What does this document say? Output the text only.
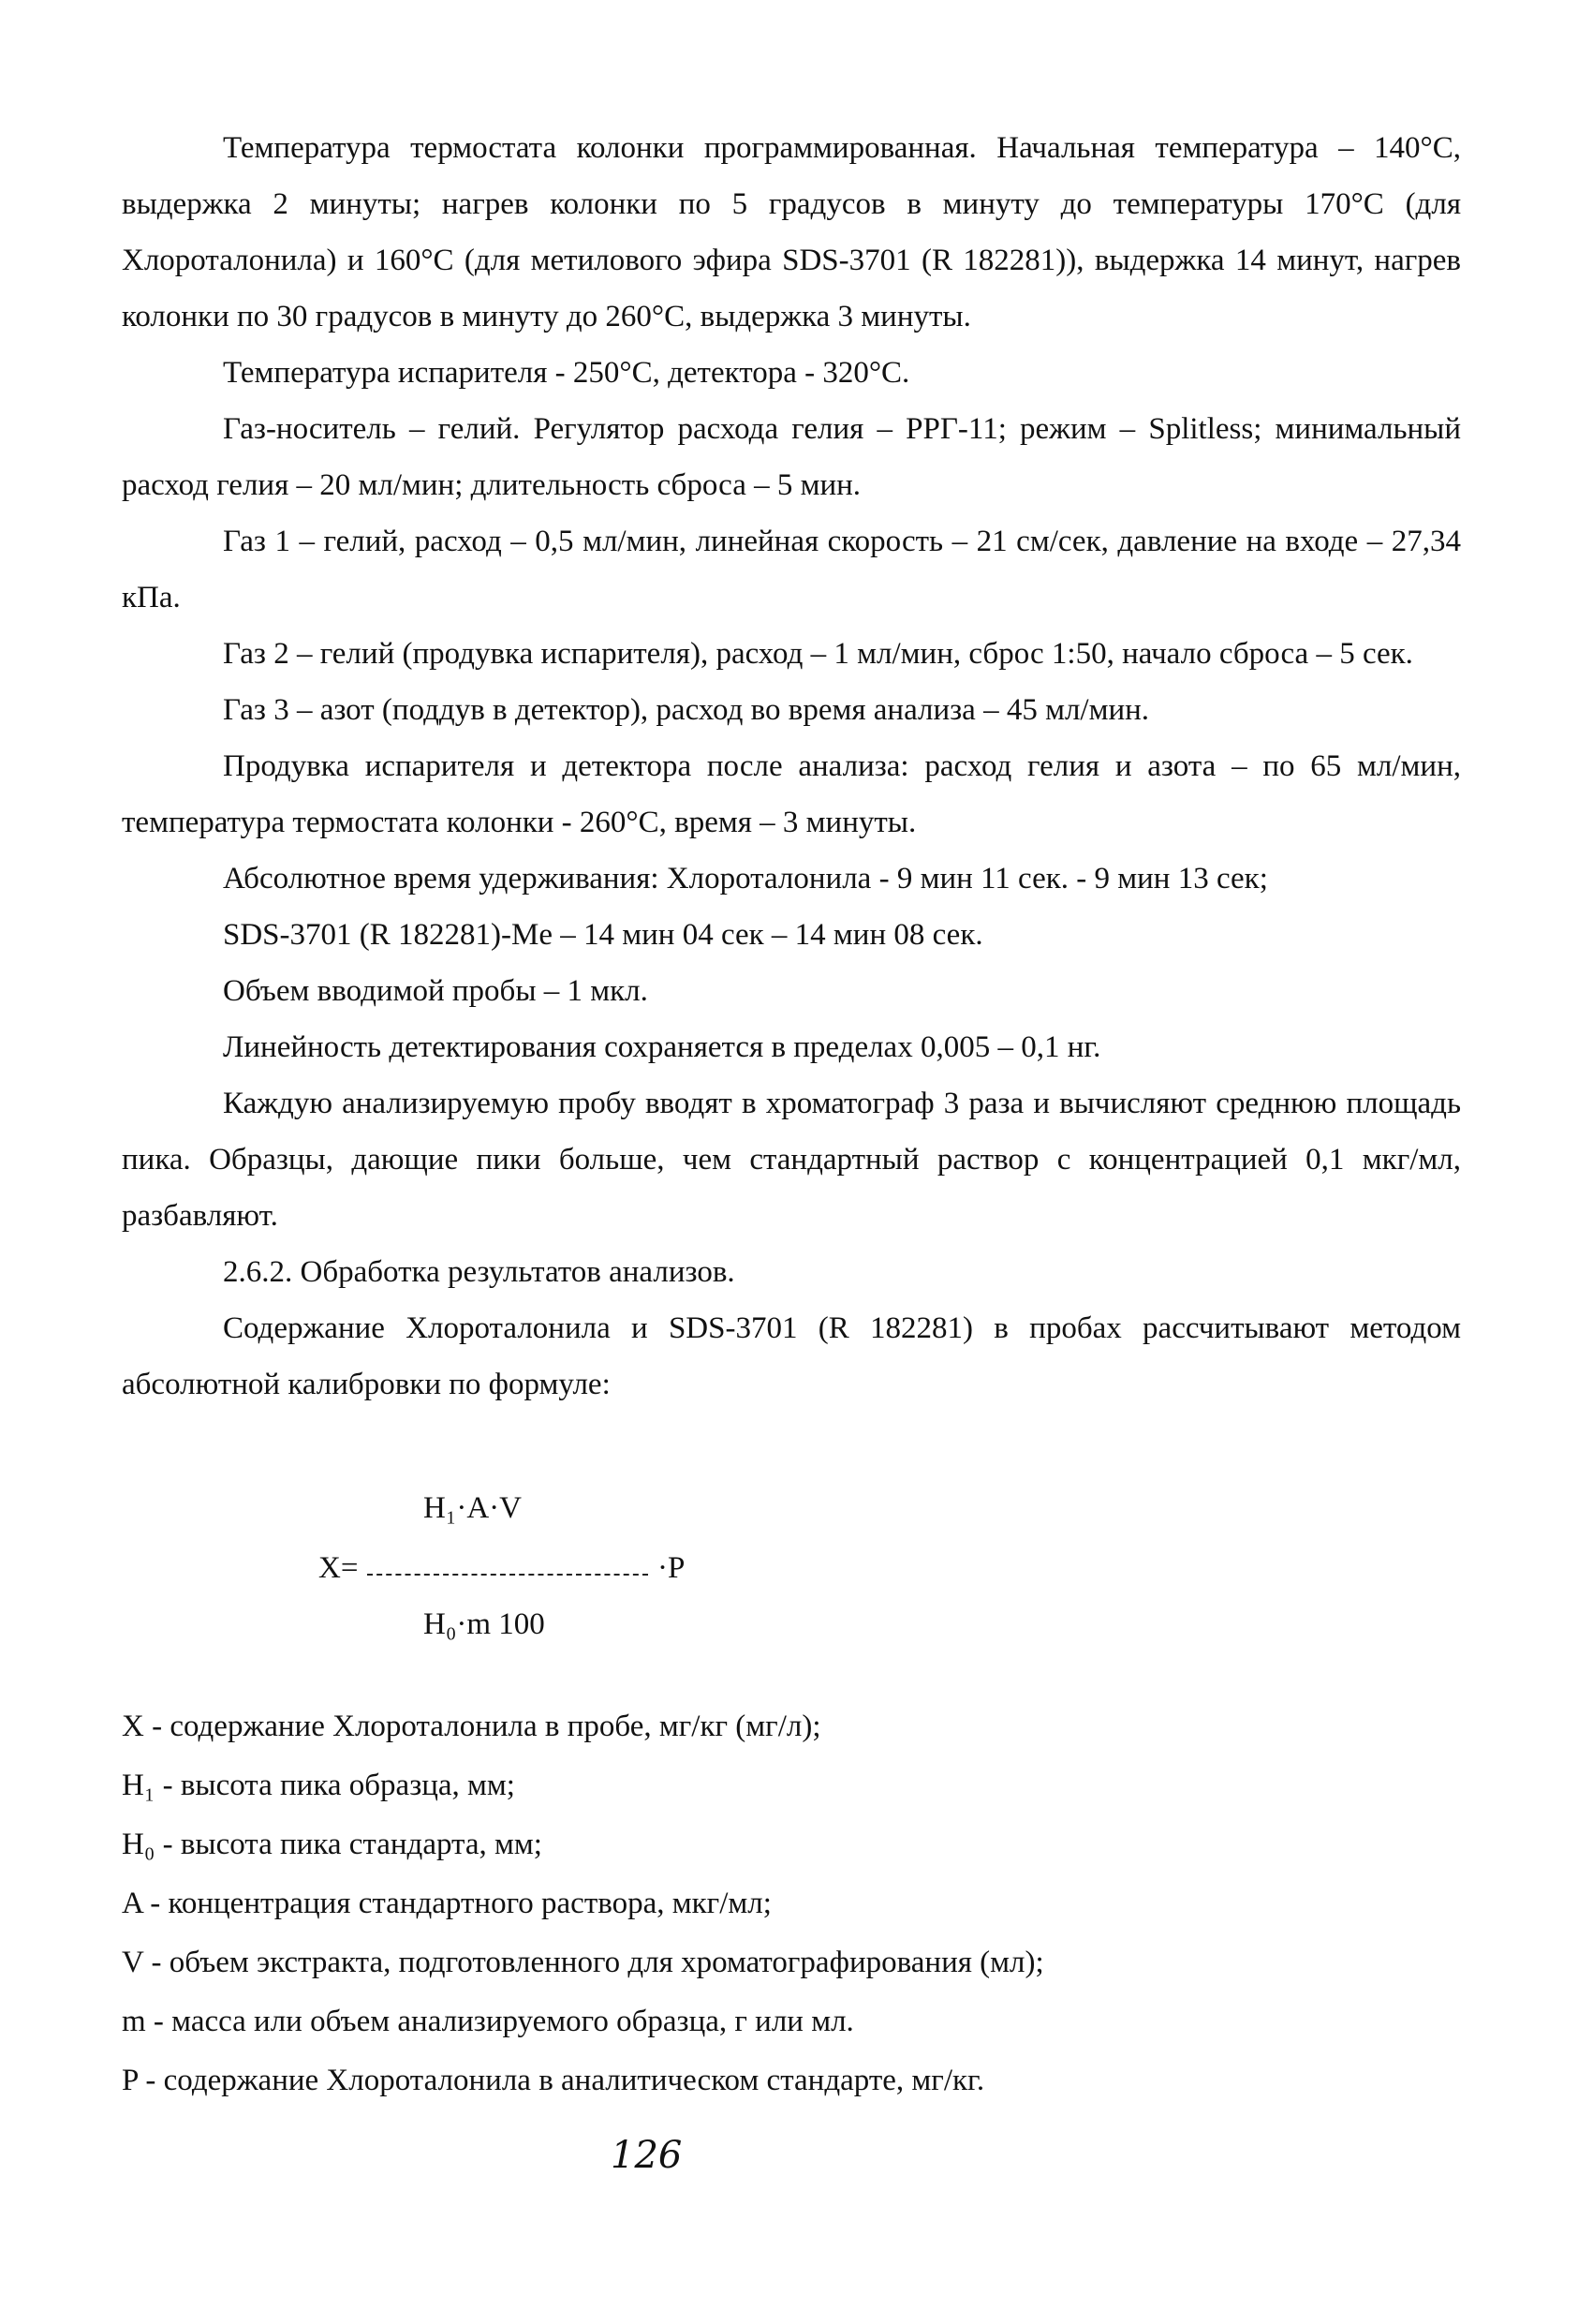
Температура термостата колонки программированная. Начальная температура – 140°С, выдержка 2 минуты; нагрев колонки по 5 градусов в минуту до температуры 170°С (для Хлороталонила) и 160°С (для метилового эфира SDS-3701 (R 182281)), выдержка 14 минут, нагрев колонки по 30 градусов в минуту до 260°С, выдержка 3 минуты.

Температура испарителя - 250°С, детектора - 320°С.

Газ-носитель – гелий. Регулятор расхода гелия – РРГ-11; режим – Splitless; минимальный расход гелия – 20 мл/мин; длительность сброса – 5 мин.

Газ 1 – гелий, расход – 0,5 мл/мин, линейная скорость – 21 см/сек, давление на входе – 27,34 кПа.

Газ 2 – гелий (продувка испарителя), расход – 1 мл/мин, сброс 1:50, начало сброса – 5 сек.

Газ 3 – азот (поддув в детектор), расход во время анализа – 45 мл/мин.

Продувка испарителя и детектора после анализа: расход гелия и азота – по 65 мл/мин, температура термостата колонки - 260°С, время – 3 минуты.

Абсолютное время удерживания: Хлороталонила - 9 мин 11 сек. - 9 мин 13 сек;

SDS-3701 (R 182281)-Me – 14 мин 04 сек – 14 мин 08 сек.

Объем вводимой пробы – 1 мкл.

Линейность детектирования сохраняется в пределах 0,005 – 0,1 нг.

Каждую анализируемую пробу вводят в хроматограф 3 раза и вычисляют среднюю площадь пика. Образцы, дающие пики больше, чем стандартный раствор с концентрацией 0,1 мкг/мл, разбавляют.

2.6.2. Обработка результатов анализов.

Содержание Хлороталонила и SDS-3701 (R 182281) в пробах рассчитывают методом абсолютной калибровки по формуле:

H₁·A·V
X=	·P
H₀·m 100

X - содержание Хлороталонила в пробе, мг/кг (мг/л);

H₁ - высота пика образца, мм;

H₀ - высота пика стандарта, мм;

A - концентрация стандартного раствора, мкг/мл;

V - объем экстракта, подготовленного для хроматографирования (мл);

m - масса или объем анализируемого образца, г или мл.

P - содержание Хлороталонила в аналитическом стандарте, мг/кг.

126
